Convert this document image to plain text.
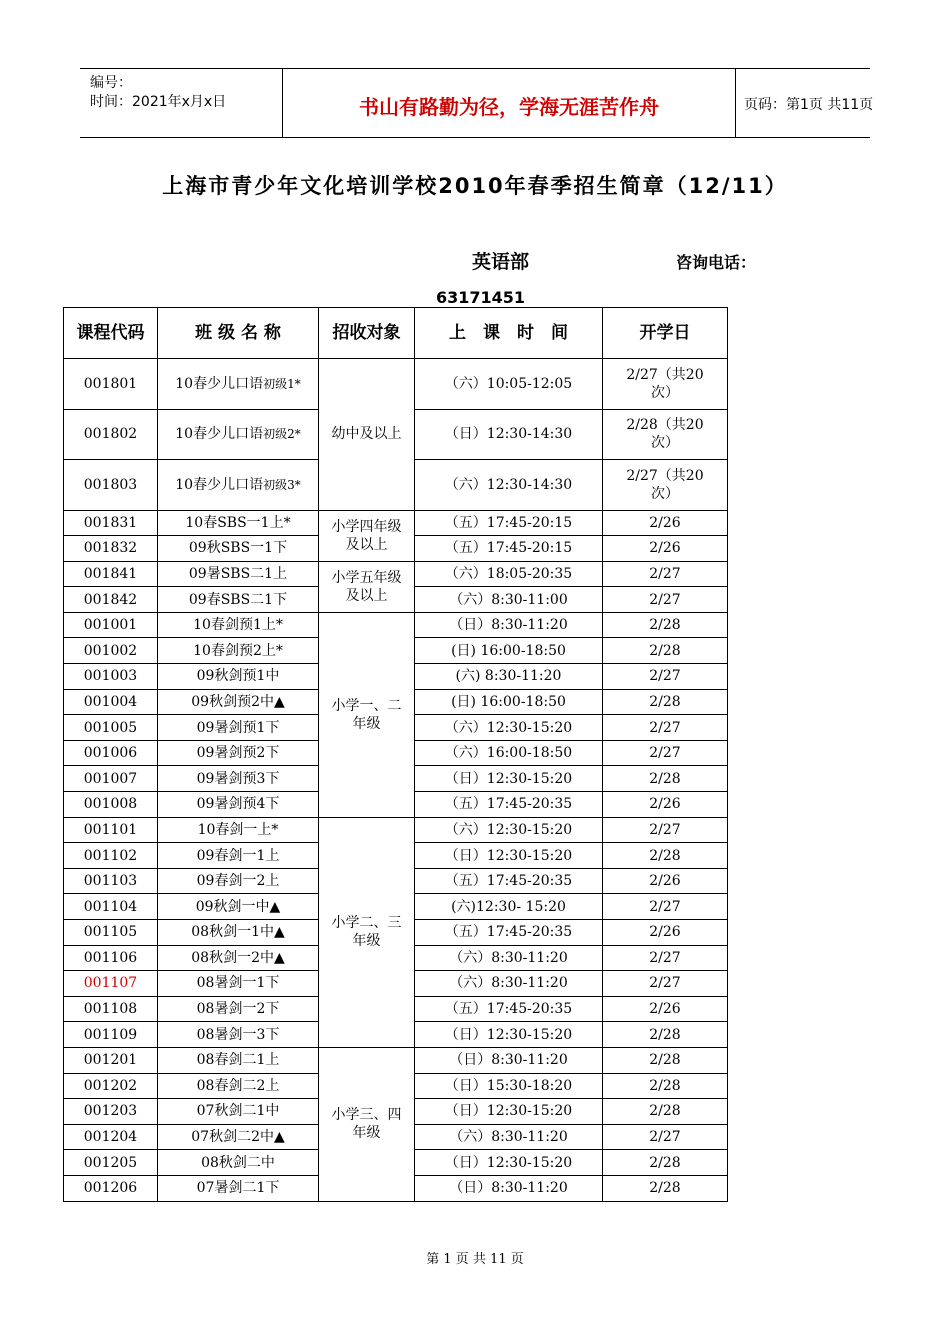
编号：
时间：2021年x月x日	书山有路勤为径，学海无涯苦作舟	页码：第1页 共11页
上海市青少年文化培训学校2010年春季招生简章（12/11）
英语部	咨询电话：
63171451
课程代码	班 级 名 称	招收对象	上　课　时　间	开学日
001801	10春少儿口语初级1*	幼中及以上	（六）10:05-12:05	2/27（共20次）

001802	10春少儿口语初级2*		（日）12:30-14:30	2/28（共20次）

001803	10春少儿口语初级3*		（六）12:30-14:30	2/27（共20次）

001831	10春SBS一1上*	小学四年级及以上	（五）17:45-20:15	2/26

001832	09秋SBS一1下		（五）17:45-20:15	2/26

001841	09暑SBS二1上	小学五年级及以上	（六）18:05-20:35	2/27

001842	09春SBS二1下		（六）8:30-11:00	2/27

001001	10春剑预1上*	小学一、二年级	（日）8:30-11:20	2/28

001002	10春剑预2上*		(日) 16:00-18:50	2/28

001003	09秋剑预1中		(六) 8:30-11:20	2/27

001004	09秋剑预2中▲		(日) 16:00-18:50	2/28

001005	09暑剑预1下		（六）12:30-15:20	2/27

001006	09暑剑预2下		（六）16:00-18:50	2/27

001007	09暑剑预3下		（日）12:30-15:20	2/28

001008	09暑剑预4下		（五）17:45-20:35	2/26

001101	10春剑一上*	小学二、三年级	（六）12:30-15:20	2/27

001102	09春剑一1上		（日）12:30-15:20	2/28

001103	09春剑一2上		（五）17:45-20:35	2/26

001104	09秋剑一中▲		(六)12:30- 15:20	2/27

001105	08秋剑一1中▲		（五）17:45-20:35	2/26

001106	08秋剑一2中▲		（六）8:30-11:20	2/27

001107	08暑剑一1下		（六）8:30-11:20	2/27

001108	08暑剑一2下		（五）17:45-20:35	2/26

001109	08暑剑一3下		（日）12:30-15:20	2/28

001201	08春剑二1上	小学三、四年级	（日）8:30-11:20	2/28

001202	08春剑二2上		（日）15:30-18:20	2/28

001203	07秋剑二1中		（日）12:30-15:20	2/28

001204	07秋剑二2中▲		（六）8:30-11:20	2/27

001205	08秋剑二中		（日）12:30-15:20	2/28

001206	07暑剑二1下		（日）8:30-11:20	2/28
第 1 页 共 11 页
